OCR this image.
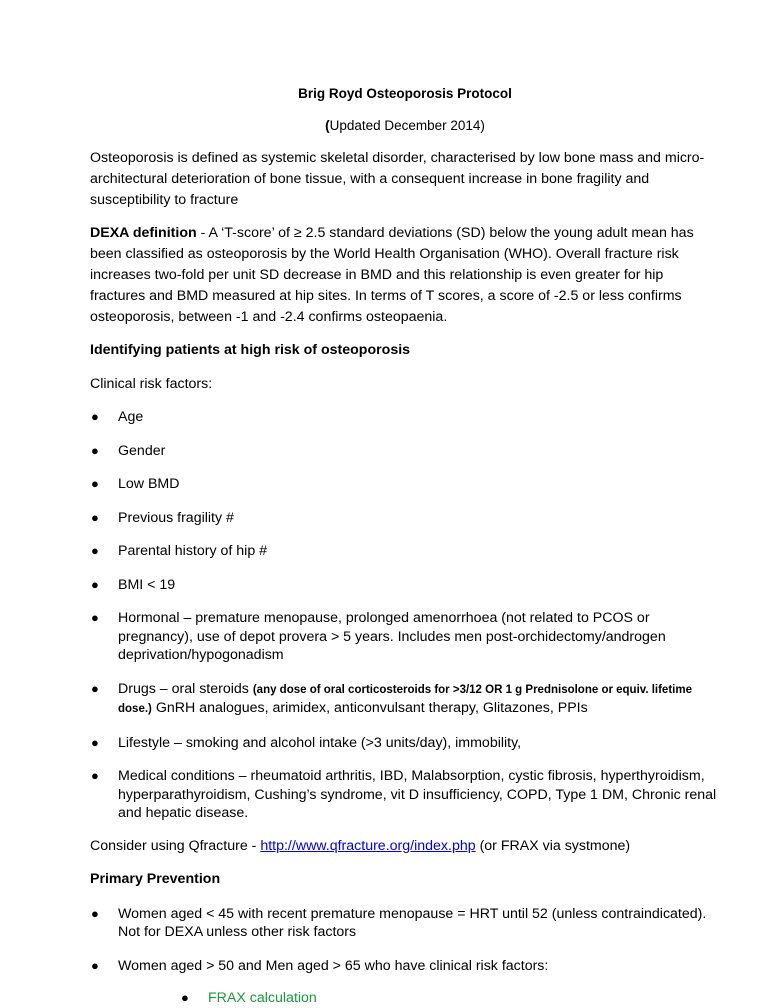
Brig Royd Osteoporosis Protocol
(Updated December 2014)

Osteoporosis is defined as systemic skeletal disorder, characterised by low bone mass and micro-architectural deterioration of bone tissue, with a consequent increase in bone fragility and susceptibility to fracture

DEXA definition - A ‘T-score’ of ≥ 2.5 standard deviations (SD) below the young adult mean has been classified as osteoporosis by the World Health Organisation (WHO). Overall fracture risk increases two-fold per unit SD decrease in BMD and this relationship is even greater for hip fractures and BMD measured at hip sites. In terms of T scores, a score of -2.5 or less confirms osteoporosis, between -1 and -2.4 confirms osteopaenia.

Identifying patients at high risk of osteoporosis

Clinical risk factors:

● Age
● Gender
● Low BMD
● Previous fragility #
● Parental history of hip #
● BMI < 19
● Hormonal – premature menopause, prolonged amenorrhoea (not related to PCOS or pregnancy), use of depot provera > 5 years. Includes men post-orchidectomy/androgen deprivation/hypogonadism
● Drugs – oral steroids (any dose of oral corticosteroids for >3/12 OR 1 g Prednisolone or equiv. lifetime dose.) GnRH analogues, arimidex, anticonvulsant therapy, Glitazones, PPIs
● Lifestyle – smoking and alcohol intake (>3 units/day), immobility,
● Medical conditions – rheumatoid arthritis, IBD, Malabsorption, cystic fibrosis, hyperthyroidism, hyperparathyroidism, Cushing’s syndrome, vit D insufficiency, COPD, Type 1 DM, Chronic renal and hepatic disease.

Consider using Qfracture - http://www.qfracture.org/index.php (or FRAX via systmone)

Primary Prevention

● Women aged < 45 with recent premature menopause = HRT until 52 (unless contraindicated). Not for DEXA unless other risk factors
● Women aged > 50 and Men aged > 65 who have clinical risk factors:
● FRAX calculation
